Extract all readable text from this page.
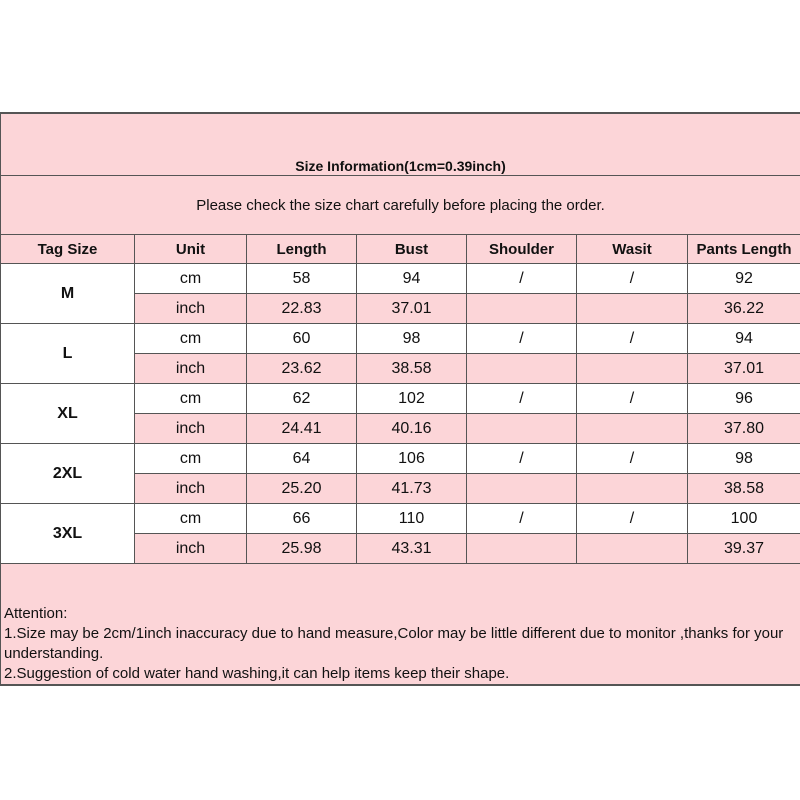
Size Information(1cm=0.39inch)						
Please check the size chart carefully before placing the order.						
Tag Size	Unit	Length	Bust	Shoulder	Wasit	Pants Length
M	cm	58	94	/	/	92
	inch	22.83	37.01			36.22
L	cm	60	98	/	/	94
	inch	23.62	38.58			37.01
XL	cm	62	102	/	/	96
	inch	24.41	40.16			37.80
2XL	cm	64	106	/	/	98
	inch	25.20	41.73			38.58
3XL	cm	66	110	/	/	100
	inch	25.98	43.31			39.37

Attention:

1.Size may be 2cm/1inch inaccuracy due to hand measure,Color may be little different due to monitor ,thanks for your understanding.

2.Suggestion of cold water hand washing,it can help items keep their shape.						
